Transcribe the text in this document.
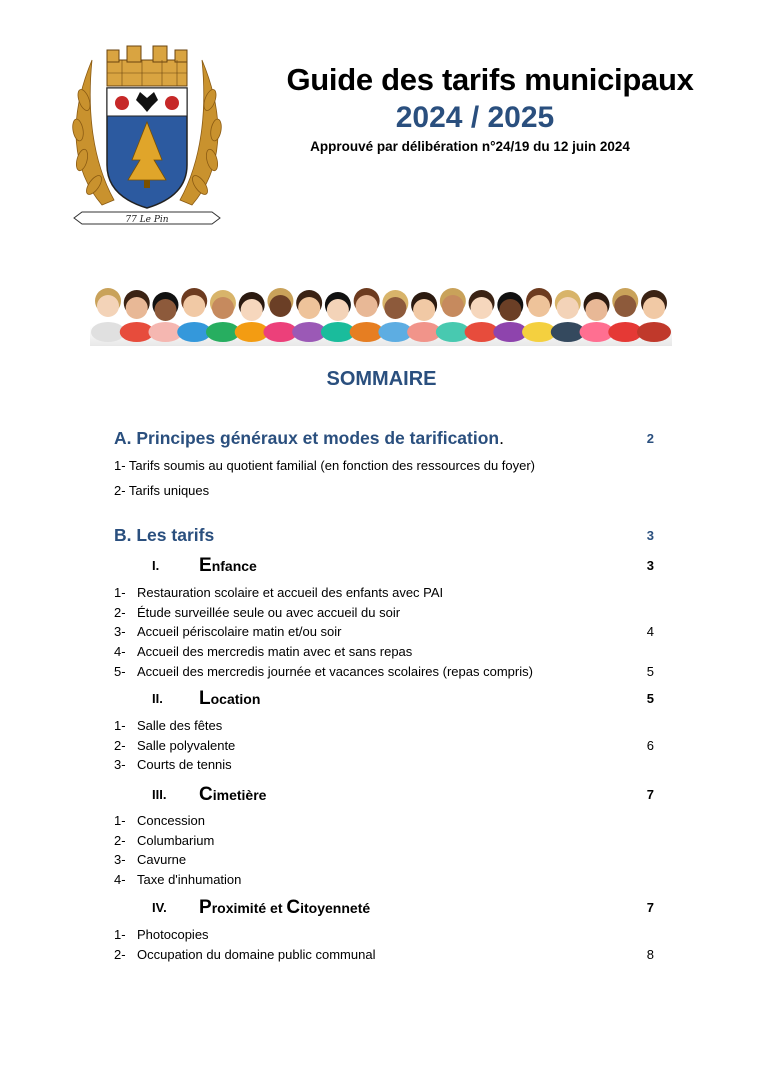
77 Le Pin
Guide des tarifs municipaux
2024 / 2025
Approuvé par délibération n°24/19 du 12 juin 2024
SOMMAIRE
A. Principes généraux et modes de tarification.	2
1- Tarifs soumis au quotient familial (en fonction des ressources du foyer)
2- Tarifs uniques
B. Les tarifs	3
I. Enfance	3
1- Restauration scolaire et accueil des enfants avec PAI
2- Étude surveillée seule ou avec accueil du soir
3- Accueil périscolaire matin et/ou soir	4
4- Accueil des mercredis matin avec et sans repas
5- Accueil des mercredis journée et vacances scolaires (repas compris)	5
II. Location	5
1- Salle des fêtes
2- Salle polyvalente	6
3- Courts de tennis
III. Cimetière	7
1- Concession
2- Columbarium
3- Cavurne
4- Taxe d'inhumation
IV. Proximité et Citoyenneté	7
1- Photocopies
2- Occupation du domaine public communal	8
